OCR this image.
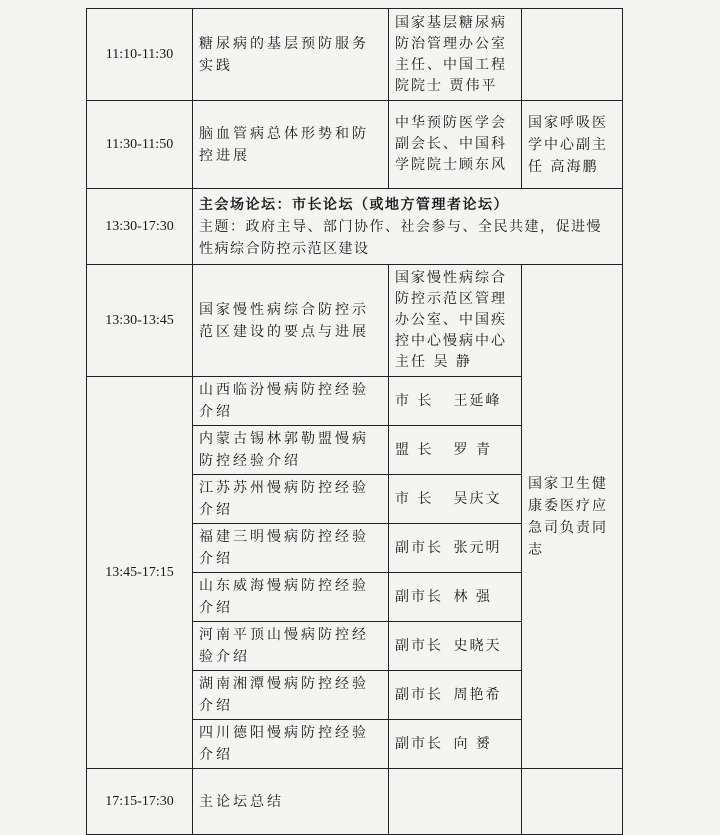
11:10-11:30	糖尿病的基层预防服务实践	国家基层糖尿病防治管理办公室主任、中国工程院院士 贾伟平	
11:30-11:50	脑血管病总体形势和防控进展	中华预防医学会副会长、中国科学院院士顾东风	国家呼吸医学中心副主任 高海鹏
13:30-17:30	主会场论坛：市长论坛（或地方管理者论坛）
主题：政府主导、部门协作、社会参与、全民共建，促进慢性病综合防控示范区建设		

13:30-13:45	国家慢性病综合防控示范区建设的要点与进展	国家慢性病综合防控示范区管理办公室、中国疾控中心慢病中心主任 吴 静	国家卫生健康委医疗应急司负责同志
13:45-17:15	山西临汾慢病防控经验介绍	市 长 王延峰	
	内蒙古锡林郭勒盟慢病防控经验介绍	盟 长 罗 青	
	江苏苏州慢病防控经验介绍	市 长 吴庆文	
	福建三明慢病防控经验介绍	副市长 张元明	
	山东威海慢病防控经验介绍	副市长 林 强	
	河南平顶山慢病防控经验介绍	副市长 史晓天	
	湖南湘潭慢病防控经验介绍	副市长 周艳希	
	四川德阳慢病防控经验介绍	副市长 向 赟	
17:15-17:30	主论坛总结		
